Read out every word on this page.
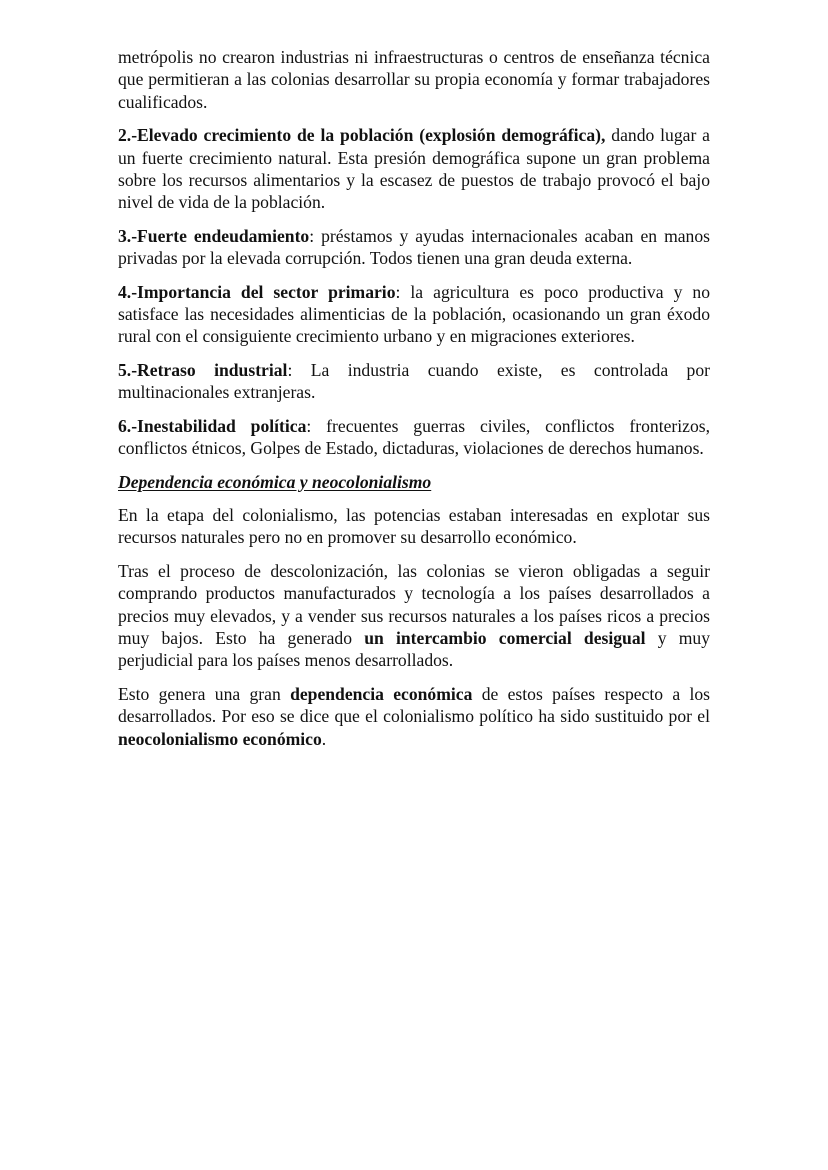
metrópolis no crearon industrias ni infraestructuras o centros de enseñanza técnica que permitieran a las colonias desarrollar su propia economía y formar trabajadores cualificados.

2.-Elevado crecimiento de la población (explosión demográfica), dando lugar a un fuerte crecimiento natural. Esta presión demográfica supone un gran problema sobre los recursos alimentarios y la escasez de puestos de trabajo provocó el bajo nivel de vida de la población.

3.-Fuerte endeudamiento: préstamos y ayudas internacionales acaban en manos privadas por la elevada corrupción. Todos tienen una gran deuda externa.

4.-Importancia del sector primario: la agricultura es poco productiva y no satisface las necesidades alimenticias de la población, ocasionando un gran éxodo rural con el consiguiente crecimiento urbano y en migraciones exteriores.

5.-Retraso industrial: La industria cuando existe, es controlada por multinacionales extranjeras.

6.-Inestabilidad política: frecuentes guerras civiles, conflictos fronterizos, conflictos étnicos, Golpes de Estado, dictaduras, violaciones de derechos humanos.

Dependencia económica y neocolonialismo

En la etapa del colonialismo, las potencias estaban interesadas en explotar sus recursos naturales pero no en promover su desarrollo económico.

Tras el proceso de descolonización, las colonias se vieron obligadas a seguir comprando productos manufacturados y tecnología a los países desarrollados a precios muy elevados, y a vender sus recursos naturales a los países ricos a precios muy bajos. Esto ha generado un intercambio comercial desigual y muy perjudicial para los países menos desarrollados.

Esto genera una gran dependencia económica de estos países respecto a los desarrollados. Por eso se dice que el colonialismo político ha sido sustituido por el neocolonialismo económico.
